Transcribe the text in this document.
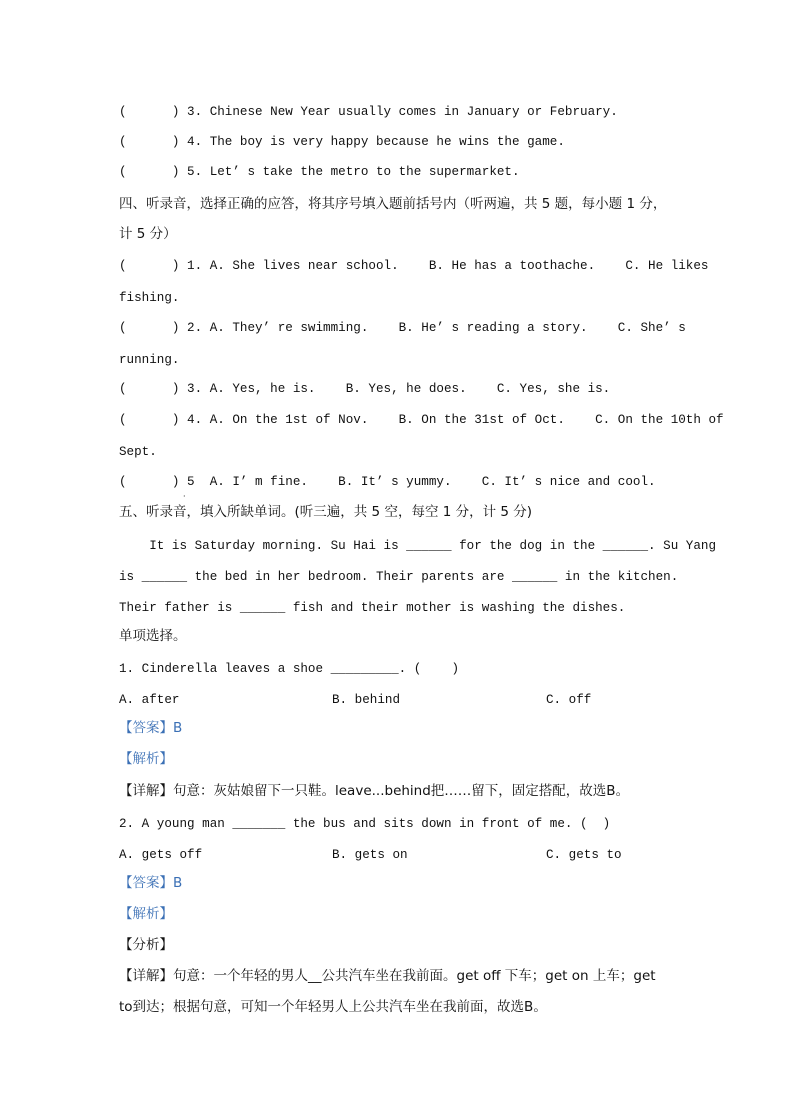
(      ) 3. Chinese New Year usually comes in January or February.
(      ) 4. The boy is very happy because he wins the game.
(      ) 5. Let’ s take the metro to the supermarket.
四、听录音，选择正确的应答，将其序号填入题前括号内（听两遍，共 5 题，每小题 1 分，
计 5 分）
(      ) 1. A. She lives near school.    B. He has a toothache.    C. He likes
fishing.
(      ) 2. A. They’ re swimming.    B. He’ s reading a story.    C. She’ s
running.
(      ) 3. A. Yes, he is.    B. Yes, he does.    C. Yes, she is.
(      ) 4. A. On the 1st of Nov.    B. On the 31st of Oct.    C. On the 10th of
Sept.
(      ) 5  A. I’ m fine.    B. It’ s yummy.    C. It’ s nice and cool.
·
五、听录音，填入所缺单词。(听三遍，共 5 空，每空 1 分，计 5 分)
It is Saturday morning. Su Hai is ______ for the dog in the ______. Su Yang
is ______ the bed in her bedroom. Their parents are ______ in the kitchen.
Their father is ______ fish and their mother is washing the dishes.
单项选择。
1. Cinderella leaves a shoe _________. (    )
A. after	B. behind	C. off
【答案】B
【解析】
【详解】句意：灰姑娘留下一只鞋。leave...behind把……留下，固定搭配，故选B。
2. A young man _______ the bus and sits down in front of me. (  )
A. gets off	B. gets on	C. gets to
【答案】B
【解析】
【分析】
【详解】句意：一个年轻的男人__公共汽车坐在我前面。get off 下车；get on 上车；get
to到达；根据句意，可知一个年轻男人上公共汽车坐在我前面，故选B。
